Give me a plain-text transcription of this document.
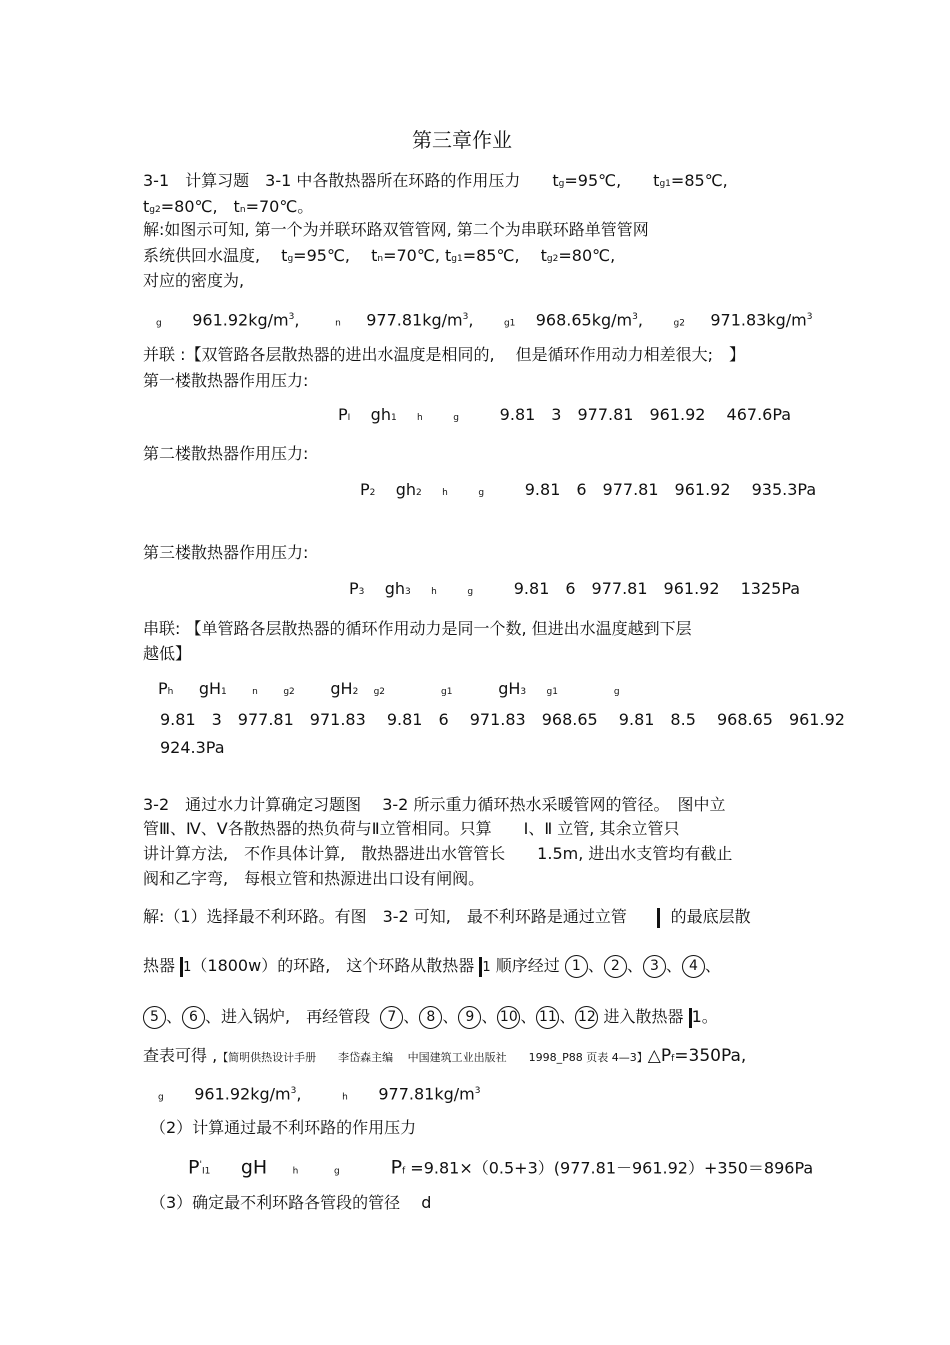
第三章作业
3-1　计算习题　3-1 中各散热器所在环路的作用压力　　tg=95℃,　　tg1=85℃,
tg2=80℃,　tn=70℃。
解:如图示可知, 第一个为并联环路双管管网, 第二个为串联环路单管管网
系统供回水温度,　 tg=95℃,　 tn=70℃, tg1=85℃,　 tg2=80℃,
对应的密度为,
g $961.92kg/m^3$,	n $977.81kg/m^3$,	g1 $968.65kg/m^3$,	g2 $971.83kg/m^3$
并联 :【双管路各层散热器的进出水温度是相同的,　 但是循环作用动力相差很大;　】
第一楼散热器作用压力:
PI gh1 h	g	9.81　3　977.81　961.92　 467.6Pa
第二楼散热器作用压力:
P2 gh2 h	g	9.81　6　977.81　961.92　 935.3Pa
第三楼散热器作用压力:
P3 gh3 h	g	9.81　6　977.81　961.92　 1325Pa
串联: 【单管路各层散热器的循环作用动力是同一个数, 但进出水温度越到下层
越低】
Ph gH1	n	g2 gH2 g2	g1	gH3 g1	g
9.81　3　977.81　971.83　 9.81　6　 971.83　968.65　 9.81　8.5　 968.65　961.92
924.3Pa
3-2　通过水力计算确定习题图　 3-2 所示重力循环热水采暖管网的管径。　图中立
管Ⅲ、Ⅳ、Ⅴ各散热器的热负荷与Ⅱ立管相同。只算　　Ⅰ、Ⅱ 立管, 其余立管只
讲计算方法,　不作具体计算,　散热器进出水管管长　　1.5m, 进出水支管均有截止
阀和乙字弯,　每根立管和热源进出口设有闸阀。
解:（1）选择最不利环路。有图　3-2 可知,　最不利环路是通过立管	的最底层散
热器 1（1800w）的环路,　这个环路从散热器 1 顺序经过 1 、 2 、 3 、 4 、
5 、 6 、进入锅炉,　再经管段 7 、 8 、 9 、 10 、 11 、 12 进入散热器 1。
查表可得 ,【简明供热设计手册　　李岱森主编　 中国建筑工业出版社　　1998_P88 页表 4—3】△Pf=350Pa,
g $961.92kg/m^3$,	h $977.81kg/m^3$
（2）计算通过最不利环路的作用压力
P'I1 gH	h	g	Pf =9.81×（0.5+3）(977.81－961.92）+350＝896Pa
（3）确定最不利环路各管段的管径　 d
